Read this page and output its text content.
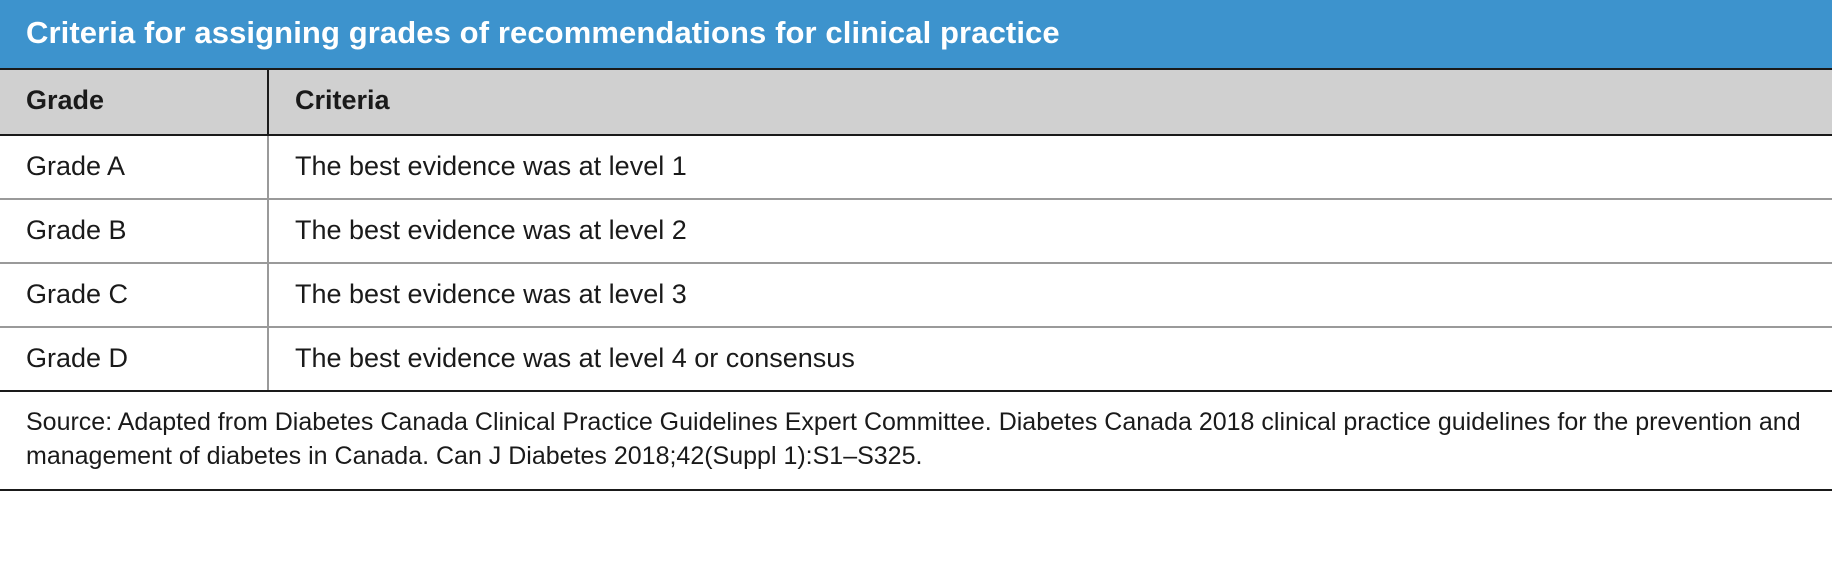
Criteria for assigning grades of recommendations for clinical practice	
Grade	Criteria
Grade A	The best evidence was at level 1
Grade B	The best evidence was at level 2
Grade C	The best evidence was at level 3
Grade D	The best evidence was at level 4 or consensus
Source: Adapted from Diabetes Canada Clinical Practice Guidelines Expert Committee. Diabetes Canada 2018 clinical practice guidelines for the prevention and management of diabetes in Canada. Can J Diabetes 2018;42(Suppl 1):S1–S325.	
